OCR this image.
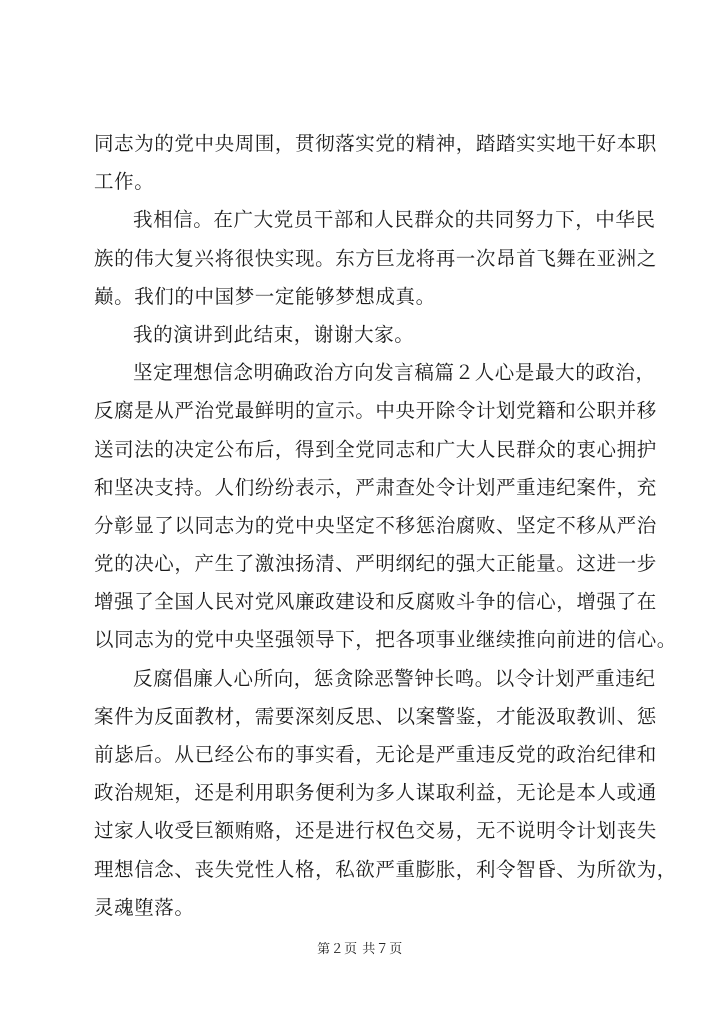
同志为的党中央周围，贯彻落实党的精神，踏踏实实地干好本职
工作。
我相信。在广大党员干部和人民群众的共同努力下，中华民
族的伟大复兴将很快实现。东方巨龙将再一次昂首飞舞在亚洲之
巅。我们的中国梦一定能够梦想成真。
我的演讲到此结束，谢谢大家。
坚定理想信念明确政治方向发言稿篇２人心是最大的政治，
反腐是从严治党最鲜明的宣示。中央开除令计划党籍和公职并移
送司法的决定公布后，得到全党同志和广大人民群众的衷心拥护
和坚决支持。人们纷纷表示，严肃查处令计划严重违纪案件，充
分彰显了以同志为的党中央坚定不移惩治腐败、坚定不移从严治
党的决心，产生了激浊扬清、严明纲纪的强大正能量。这进一步
增强了全国人民对党风廉政建设和反腐败斗争的信心，增强了在
以同志为的党中央坚强领导下，把各项事业继续推向前进的信心。
反腐倡廉人心所向，惩贪除恶警钟长鸣。以令计划严重违纪
案件为反面教材，需要深刻反思、以案警鉴，才能汲取教训、惩
前毖后。从已经公布的事实看，无论是严重违反党的政治纪律和
政治规矩，还是利用职务便利为多人谋取利益，无论是本人或通
过家人收受巨额贿赂，还是进行权色交易，无不说明令计划丧失
理想信念、丧失党性人格，私欲严重膨胀，利令智昏、为所欲为，
灵魂堕落。
第２页 共７页
